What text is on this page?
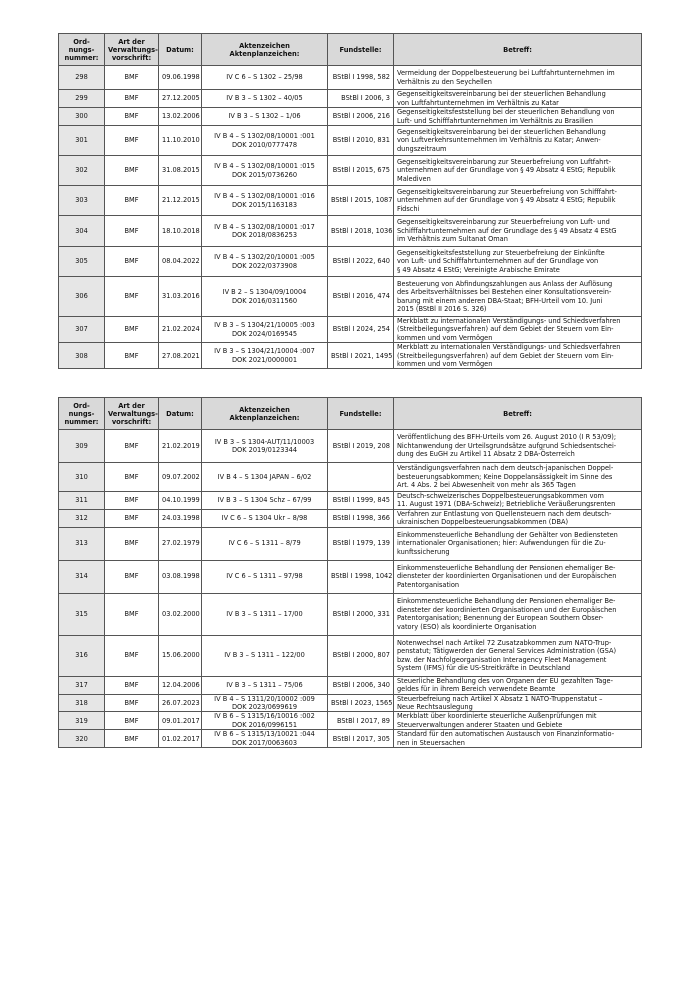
Ord-
nungs-
nummer:	Art der
Verwaltungs-
vorschrift:	Datum:	Aktenzeichen
Aktenplanzeichen:	Fundstelle:	Betreff:
298	BMF	09.06.1998	IV C 6 – S 1302 – 25/98	BStBl I 1998, 582	Vermeidung der Doppelbesteuerung bei Luftfahrtunternehmen im
Verhältnis zu den Seychellen

299	BMF	27.12.2005	IV B 3 – S 1302 – 40/05	BStBl I 2006, 3	Gegenseitigkeitsvereinbarung bei der steuerlichen Behandlung
von Luftfahrtunternehmen im Verhältnis zu Katar

300	BMF	13.02.2006	IV B 3 – S 1302 – 1/06	BStBl I 2006, 216	Gegenseitigkeitsfeststellung bei der steuerlichen Behandlung von
Luft- und Schifffahrtunternehmen im Verhältnis zu Brasilien

301	BMF	11.10.2010	IV B 4 – S 1302/08/10001 :001
DOK 2010/0777478	BStBl I 2010, 831	Gegenseitigkeitsvereinbarung bei der steuerlichen Behandlung
von Luftverkehrsunternehmen im Verhältnis zu Katar; Anwen-
dungszeitraum

302	BMF	31.08.2015	IV B 4 – S 1302/08/10001 :015
DOK 2015/0736260	BStBl I 2015, 675	Gegenseitigkeitsvereinbarung zur Steuerbefreiung von Luftfahrt-
unternehmen auf der Grundlage von § 49 Absatz 4 EStG; Republik
Malediven

303	BMF	21.12.2015	IV B 4 – S 1302/08/10001 :016
DOK 2015/1163183	BStBl I 2015, 1087	Gegenseitigkeitsvereinbarung zur Steuerbefreiung von Schifffahrt-
unternehmen auf der Grundlage von § 49 Absatz 4 EStG; Republik
Fidschi

304	BMF	18.10.2018	IV B 4 – S 1302/08/10001 :017
DOK 2018/0836253	BStBl I 2018, 1036	Gegenseitigkeitsvereinbarung zur Steuerbefreiung von Luft- und
Schifffahrtunternehmen auf der Grundlage des § 49 Absatz 4 EStG
im Verhältnis zum Sultanat Oman

305	BMF	08.04.2022	IV B 4 – S 1302/20/10001 :005
DOK 2022/0373908	BStBl I 2022, 640	Gegenseitigkeitsfeststellung zur Steuerbefreiung der Einkünfte
von Luft- und Schifffahrtunternehmen auf der Grundlage von
§ 49 Absatz 4 EStG; Vereinigte Arabische Emirate

306	BMF	31.03.2016	IV B 2 – S 1304/09/10004
DOK 2016/0311560	BStBl I 2016, 474	Besteuerung von Abfindungszahlungen aus Anlass der Auflösung
des Arbeitsverhältnisses bei Bestehen einer Konsultationsverein-
barung mit einem anderen DBA-Staat; BFH-Urteil vom 10. Juni
2015 (BStBl II 2016 S. 326)

307	BMF	21.02.2024	IV B 3 – S 1304/21/10005 :003
DOK 2024/0169545	BStBl I 2024, 254	Merkblatt zu internationalen Verständigungs- und Schiedsverfahren
(Streitbeilegungsverfahren) auf dem Gebiet der Steuern vom Ein-
kommen und vom Vermögen

308	BMF	27.08.2021	IV B 3 – S 1304/21/10004 :007
DOK 2021/0000001	BStBl I 2021, 1495	Merkblatt zu internationalen Verständigungs- und Schiedsverfahren
(Streitbeilegungsverfahren) auf dem Gebiet der Steuern vom Ein-
kommen und vom Vermögen
Ord-
nungs-
nummer:	Art der
Verwaltungs-
vorschrift:	Datum:	Aktenzeichen
Aktenplanzeichen:	Fundstelle:	Betreff:
309	BMF	21.02.2019	IV B 3 – S 1304-AUT/11/10003
DOK 2019/0123344	BStBl I 2019, 208	Veröffentlichung des BFH-Urteils vom 26. August 2010 (I R 53/09);
Nichtanwendung der Urteilsgrundsätze aufgrund Schiedsentschei-
dung des EuGH zu Artikel 11 Absatz 2 DBA-Österreich

310	BMF	09.07.2002	IV B 4 – S 1304 JAPAN – 6/02		Verständigungsverfahren nach dem deutsch-japanischen Doppel-
besteuerungsabkommen; Keine Doppelansässigkeit im Sinne des
Art. 4 Abs. 2 bei Abwesenheit von mehr als 365 Tagen

311	BMF	04.10.1999	IV B 3 – S 1304 Schz – 67/99	BStBl I 1999, 845	Deutsch-schweizerisches Doppelbesteuerungsabkommen vom
11. August 1971 (DBA-Schweiz); Betriebliche Veräußerungsrenten

312	BMF	24.03.1998	IV C 6 – S 1304 Ukr – 8/98	BStBl I 1998, 366	Verfahren zur Entlastung von Quellensteuern nach dem deutsch-
ukrainischen Doppelbesteuerungsabkommen (DBA)

313	BMF	27.02.1979	IV C 6 – S 1311 – 8/79	BStBl I 1979, 139	Einkommensteuerliche Behandlung der Gehälter von Bediensteten
internationaler Organisationen; hier: Aufwendungen für die Zu-
kunftssicherung

314	BMF	03.08.1998	IV C 6 – S 1311 – 97/98	BStBl I 1998, 1042	Einkommensteuerliche Behandlung der Pensionen ehemaliger Be-
diensteter der koordinierten Organisationen und der Europäischen
Patentorganisation

315	BMF	03.02.2000	IV B 3 – S 1311 – 17/00	BStBl I 2000, 331	Einkommensteuerliche Behandlung der Pensionen ehemaliger Be-
diensteter der koordinierten Organisationen und der Europäischen
Patentorganisation; Benennung der European Southern Obser-
vatory (ESO) als koordinierte Organisation

316	BMF	15.06.2000	IV B 3 – S 1311 – 122/00	BStBl I 2000, 807	Notenwechsel nach Artikel 72 Zusatzabkommen zum NATO-Trup-
penstatut; Tätigwerden der General Services Administration (GSA)
bzw. der Nachfolgeorganisation Interagency Fleet Management
System (IFMS) für die US-Streitkräfte in Deutschland

317	BMF	12.04.2006	IV B 3 – S 1311 – 75/06	BStBl I 2006, 340	Steuerliche Behandlung des von Organen der EU gezahlten Tage-
geldes für in ihrem Bereich verwendete Beamte

318	BMF	26.07.2023	IV B 4 – S 1311/20/10002 :009
DOK 2023/0699619	BStBl I 2023, 1565	Steuerbefreiung nach Artikel X Absatz 1 NATO-Truppenstatut –
Neue Rechtsauslegung

319	BMF	09.01.2017	IV B 6 – S 1315/16/10016 :002
DOK 2016/0996151	BStBl I 2017, 89	Merkblatt über koordinierte steuerliche Außenprüfungen mit
Steuerverwaltungen anderer Staaten und Gebiete

320	BMF	01.02.2017	IV B 6 – S 1315/13/10021 :044
DOK 2017/0063603	BStBl I 2017, 305	Standard für den automatischen Austausch von Finanzinformatio-
nen in Steuersachen
